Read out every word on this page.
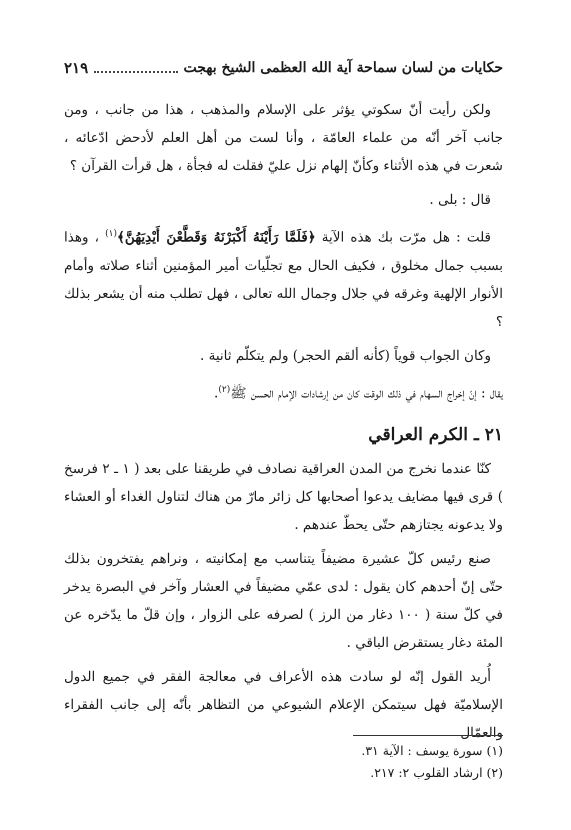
حكايات من لسان سماحة آية الله العظمى الشيخ بهجت
٢١٩

ولكن رأيت أنّ سكوتي يؤثر على الإسلام والمذهب ، هذا من جانب ، ومن جانب آخر أنّه من علماء العامّة ، وأنا لست من أهل العلم لأدحض ادّعائه ، شعرت في هذه الأثناء وكأنّ إلهام نزل عليّ فقلت له فجأة ، هل قرأت القرآن ؟

قال : بلى .

قلت : هل مرّت بك هذه الآية ﴿فَلَمَّا رَأَيْنَهُ أَكْبَرْنَهُ وَقَطَّعْنَ أَيْدِيَهُنَّ﴾$^{(١)}$ ، وهذا بسبب جمال مخلوق ، فكيف الحال مع تجلّيات أمير المؤمنين أثناء صلاته وأمام الأنوار الإلهية وغرقه في جلال وجمال الله تعالى ، فهل تطلب منه أن يشعر بذلك ؟

وكان الجواب قوياً (كأنه ألقم الحجر) ولم يتكلّم ثانية .

يقال : إنّ إخراج السهام في ذلك الوقت كان من إرشادات الإمام الحسن ﷺ$^{(٢)}$.

٢١ ـ الكرم العراقي

كنّا عندما نخرج من المدن العراقية نصادف في طريقنا على بعد ( ١ ـ ٢ فرسخ ) قرى فيها مضايف يدعوا أصحابها كل زائر مارّ من هناك لتناول الغداء أو العشاء ولا يدعونه يجتازهم حتّى يحطّ عندهم .

صنع رئيس كلّ عشيرة مضيفاً يتناسب مع إمكانيته ، ونراهم يفتخرون بذلك حتّى إنّ أحدهم كان يقول : لدى عمّي مضيفاً في العشار وآخر في البصرة يدخر في كلّ سنة ( ١٠٠ دغار من الرز ) لصرفه على الزوار ، وإن قلّ ما يدّخره عن المئة دغار يستقرض الباقي .

أُريد القول إنّه لو سادت هذه الأعراف في معالجة الفقر في جميع الدول الإسلاميّة فهل سيتمكن الإعلام الشيوعي من التظاهر بأنّه إلى جانب الفقراء والعمّال

(١) سورة يوسف : الآية ٣١.
(٢) ارشاد القلوب ٢: ٢١٧.
